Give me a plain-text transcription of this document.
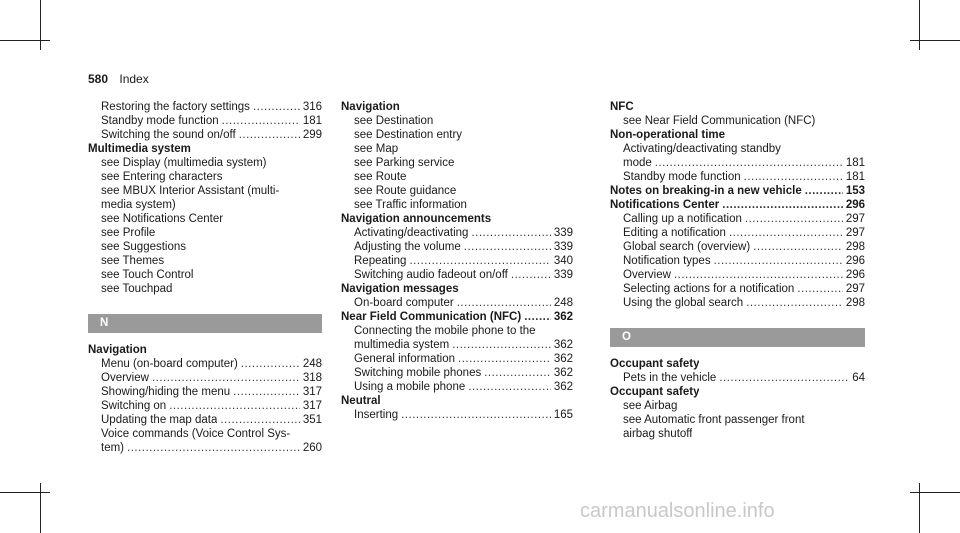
580 Index
Restoring the factory settings .....	316
Standby mode function .....	181
Switching the sound on/off .....	299
Multimedia system
see Display (multimedia system)
see Entering characters
see MBUX Interior Assistant (multi-
media system)
see Notifications Center
see Profile
see Suggestions
see Themes
see Touch Control
see Touchpad
N
Navigation
Menu (on-board computer) .....	248
Overview .....	318
Showing/hiding the menu .....	317
Switching on .....	317
Updating the map data .....	351
Voice commands (Voice Control Sys-
tem) .....	260
Navigation
see Destination
see Destination entry
see Map
see Parking service
see Route
see Route guidance
see Traffic information
Navigation announcements
Activating/deactivating .....	339
Adjusting the volume .....	339
Repeating .....	340
Switching audio fadeout on/off .....	339
Navigation messages
On-board computer .....	248
Near Field Communication (NFC) .....	362
Connecting the mobile phone to the
multimedia system .....	362
General information .....	362
Switching mobile phones .....	362
Using a mobile phone .....	362
Neutral
Inserting .....	165
NFC
see Near Field Communication (NFC)
Non-operational time
Activating/deactivating standby
mode .....	181
Standby mode function .....	181
Notes on breaking-in a new vehicle .....	153
Notifications Center .....	296
Calling up a notification .....	297
Editing a notification .....	297
Global search (overview) .....	298
Notification types .....	296
Overview .....	296
Selecting actions for a notification .....	297
Using the global search .....	298
O
Occupant safety
Pets in the vehicle .....	64
Occupant safety
see Airbag
see Automatic front passenger front
airbag shutoff
carmanualsonline.info
